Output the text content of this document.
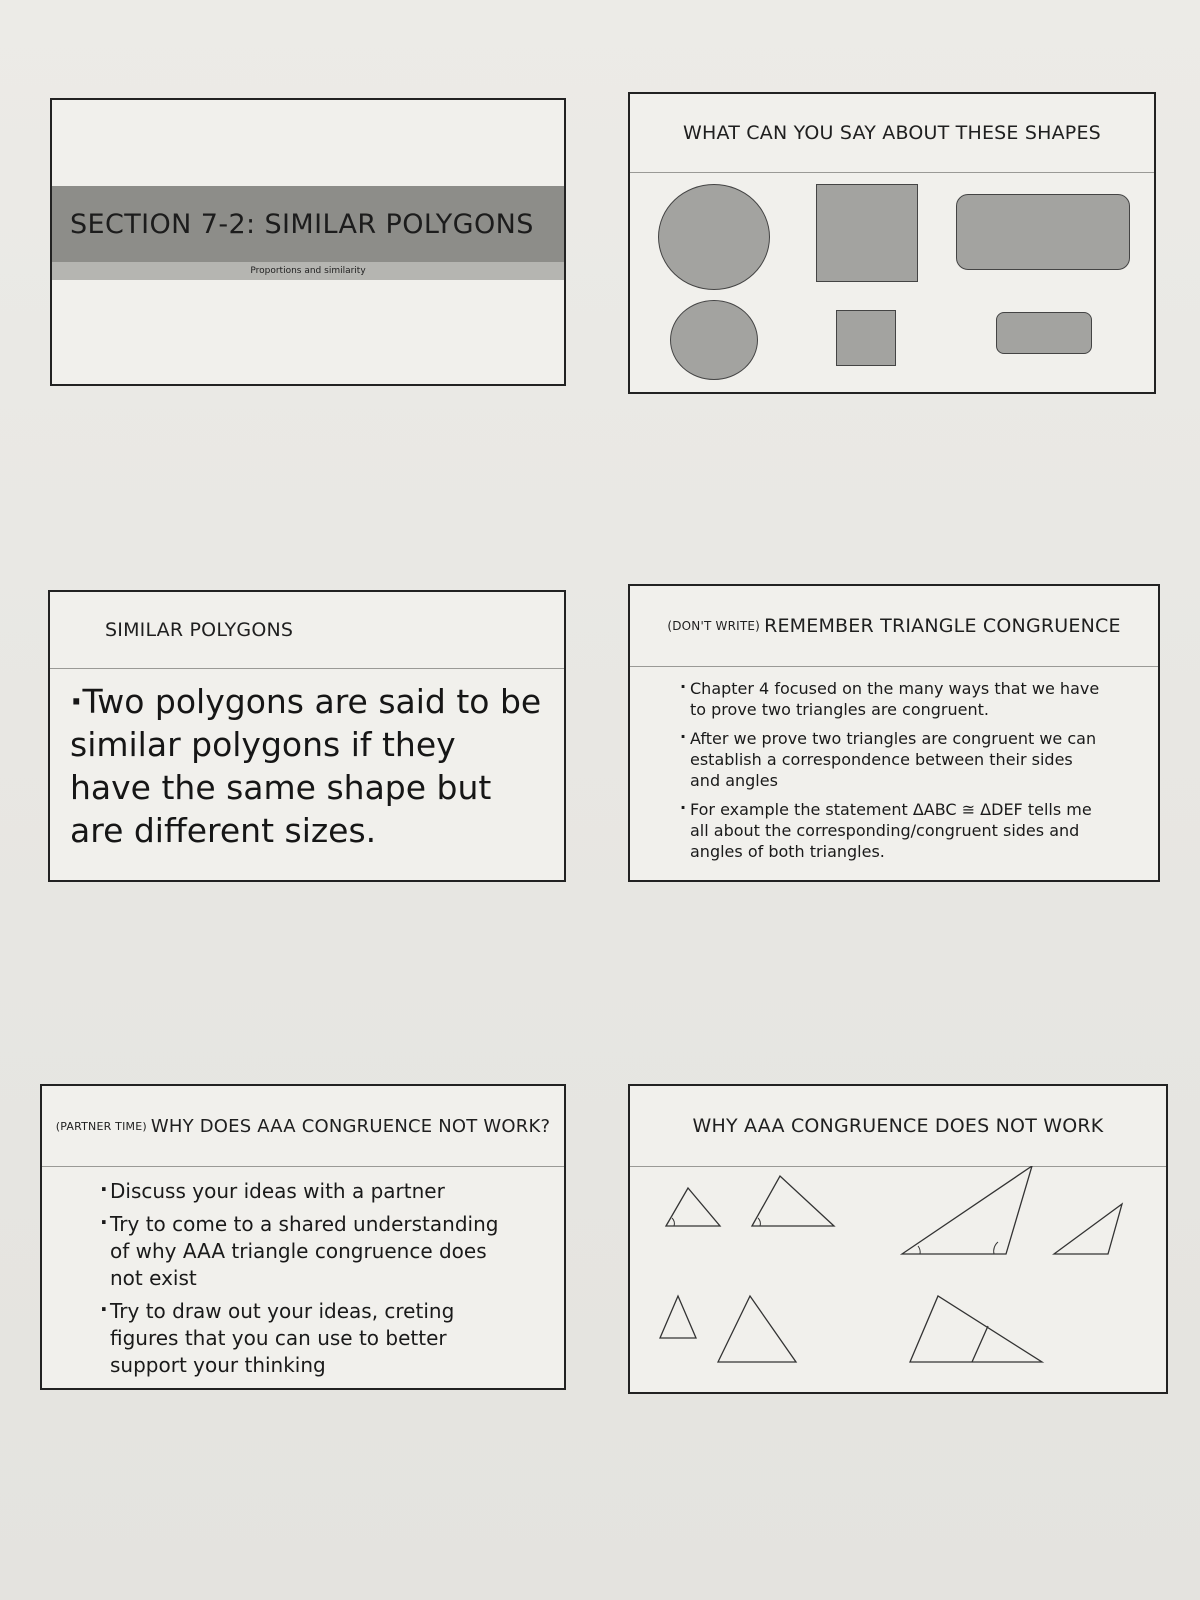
SECTION 7-2: SIMILAR POLYGONS
Proportions and similarity
WHAT CAN YOU SAY ABOUT THESE SHAPES
SIMILAR POLYGONS
·Two polygons are said to be similar polygons if they have the same shape but are different sizes.
(DON'T WRITE) REMEMBER TRIANGLE CONGRUENCE
· Chapter 4 focused on the many ways that we have to prove two triangles are congruent.
· After we prove two triangles are congruent we can establish a correspondence between their sides and angles
· For example the statement ΔABC ≅ ΔDEF tells me all about the corresponding/congruent sides and angles of both triangles.
(PARTNER TIME) WHY DOES AAA CONGRUENCE NOT WORK?
· Discuss your ideas with a partner
· Try to come to a shared understanding of why AAA triangle congruence does not exist
· Try to draw out your ideas, creting figures that you can use to better support your thinking
WHY AAA CONGRUENCE DOES NOT WORK
